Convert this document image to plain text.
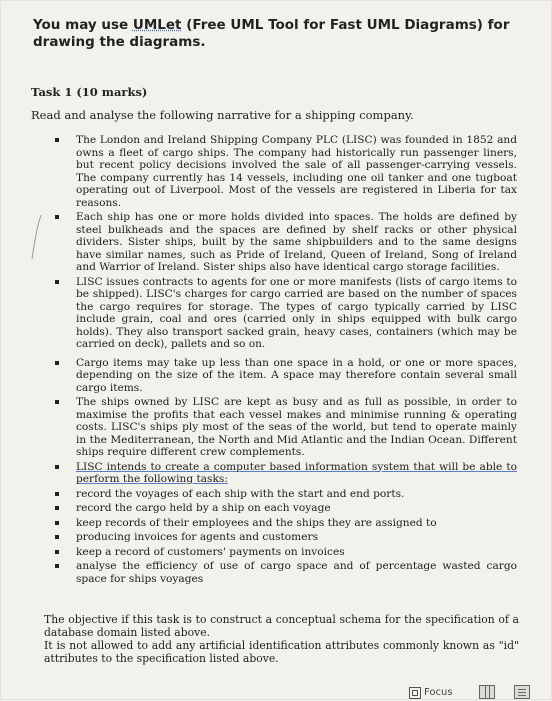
You may use UMLet (Free UML Tool for Fast UML Diagrams) for drawing the diagrams.
Task 1 (10 marks)
Read and analyse the following narrative for a shipping company.
The London and Ireland Shipping Company PLC (LISC) was founded in 1852 and owns a fleet of cargo ships. The company had historically run passenger liners, but recent policy decisions involved the sale of all passenger-carrying vessels. The company currently has 14 vessels, including one oil tanker and one tugboat operating out of Liverpool. Most of the vessels are registered in Liberia for tax reasons.
Each ship has one or more holds divided into spaces. The holds are defined by steel bulkheads and the spaces are defined by shelf racks or other physical dividers. Sister ships, built by the same shipbuilders and to the same designs have similar names, such as Pride of Ireland, Queen of Ireland, Song of Ireland and Warrior of Ireland. Sister ships also have identical cargo storage facilities.
LISC issues contracts to agents for one or more manifests (lists of cargo items to be shipped). LISC's charges for cargo carried are based on the number of spaces the cargo requires for storage. The types of cargo typically carried by LISC include grain, coal and ores (carried only in ships equipped with bulk cargo holds). They also transport sacked grain, heavy cases, containers (which may be carried on deck), pallets and so on.
Cargo items may take up less than one space in a hold, or one or more spaces, depending on the size of the item. A space may therefore contain several small cargo items.
The ships owned by LISC are kept as busy and as full as possible, in order to maximise the profits that each vessel makes and minimise running & operating costs. LISC's ships ply most of the seas of the world, but tend to operate mainly in the Mediterranean, the North and Mid Atlantic and the Indian Ocean. Different ships require different crew complements.
LISC intends to create a computer based information system that will be able to perform the following tasks:
record the voyages of each ship with the start and end ports.
record the cargo held by a ship on each voyage
keep records of their employees and the ships they are assigned to
producing invoices for agents and customers
keep a record of customers' payments on invoices
analyse the efficiency of use of cargo space and of percentage wasted cargo space for ships voyages
The objective if this task is to construct a conceptual schema for the specification of a database domain listed above.
It is not allowed to add any artificial identification attributes commonly known as "id" attributes to the specification listed above.
Focus
